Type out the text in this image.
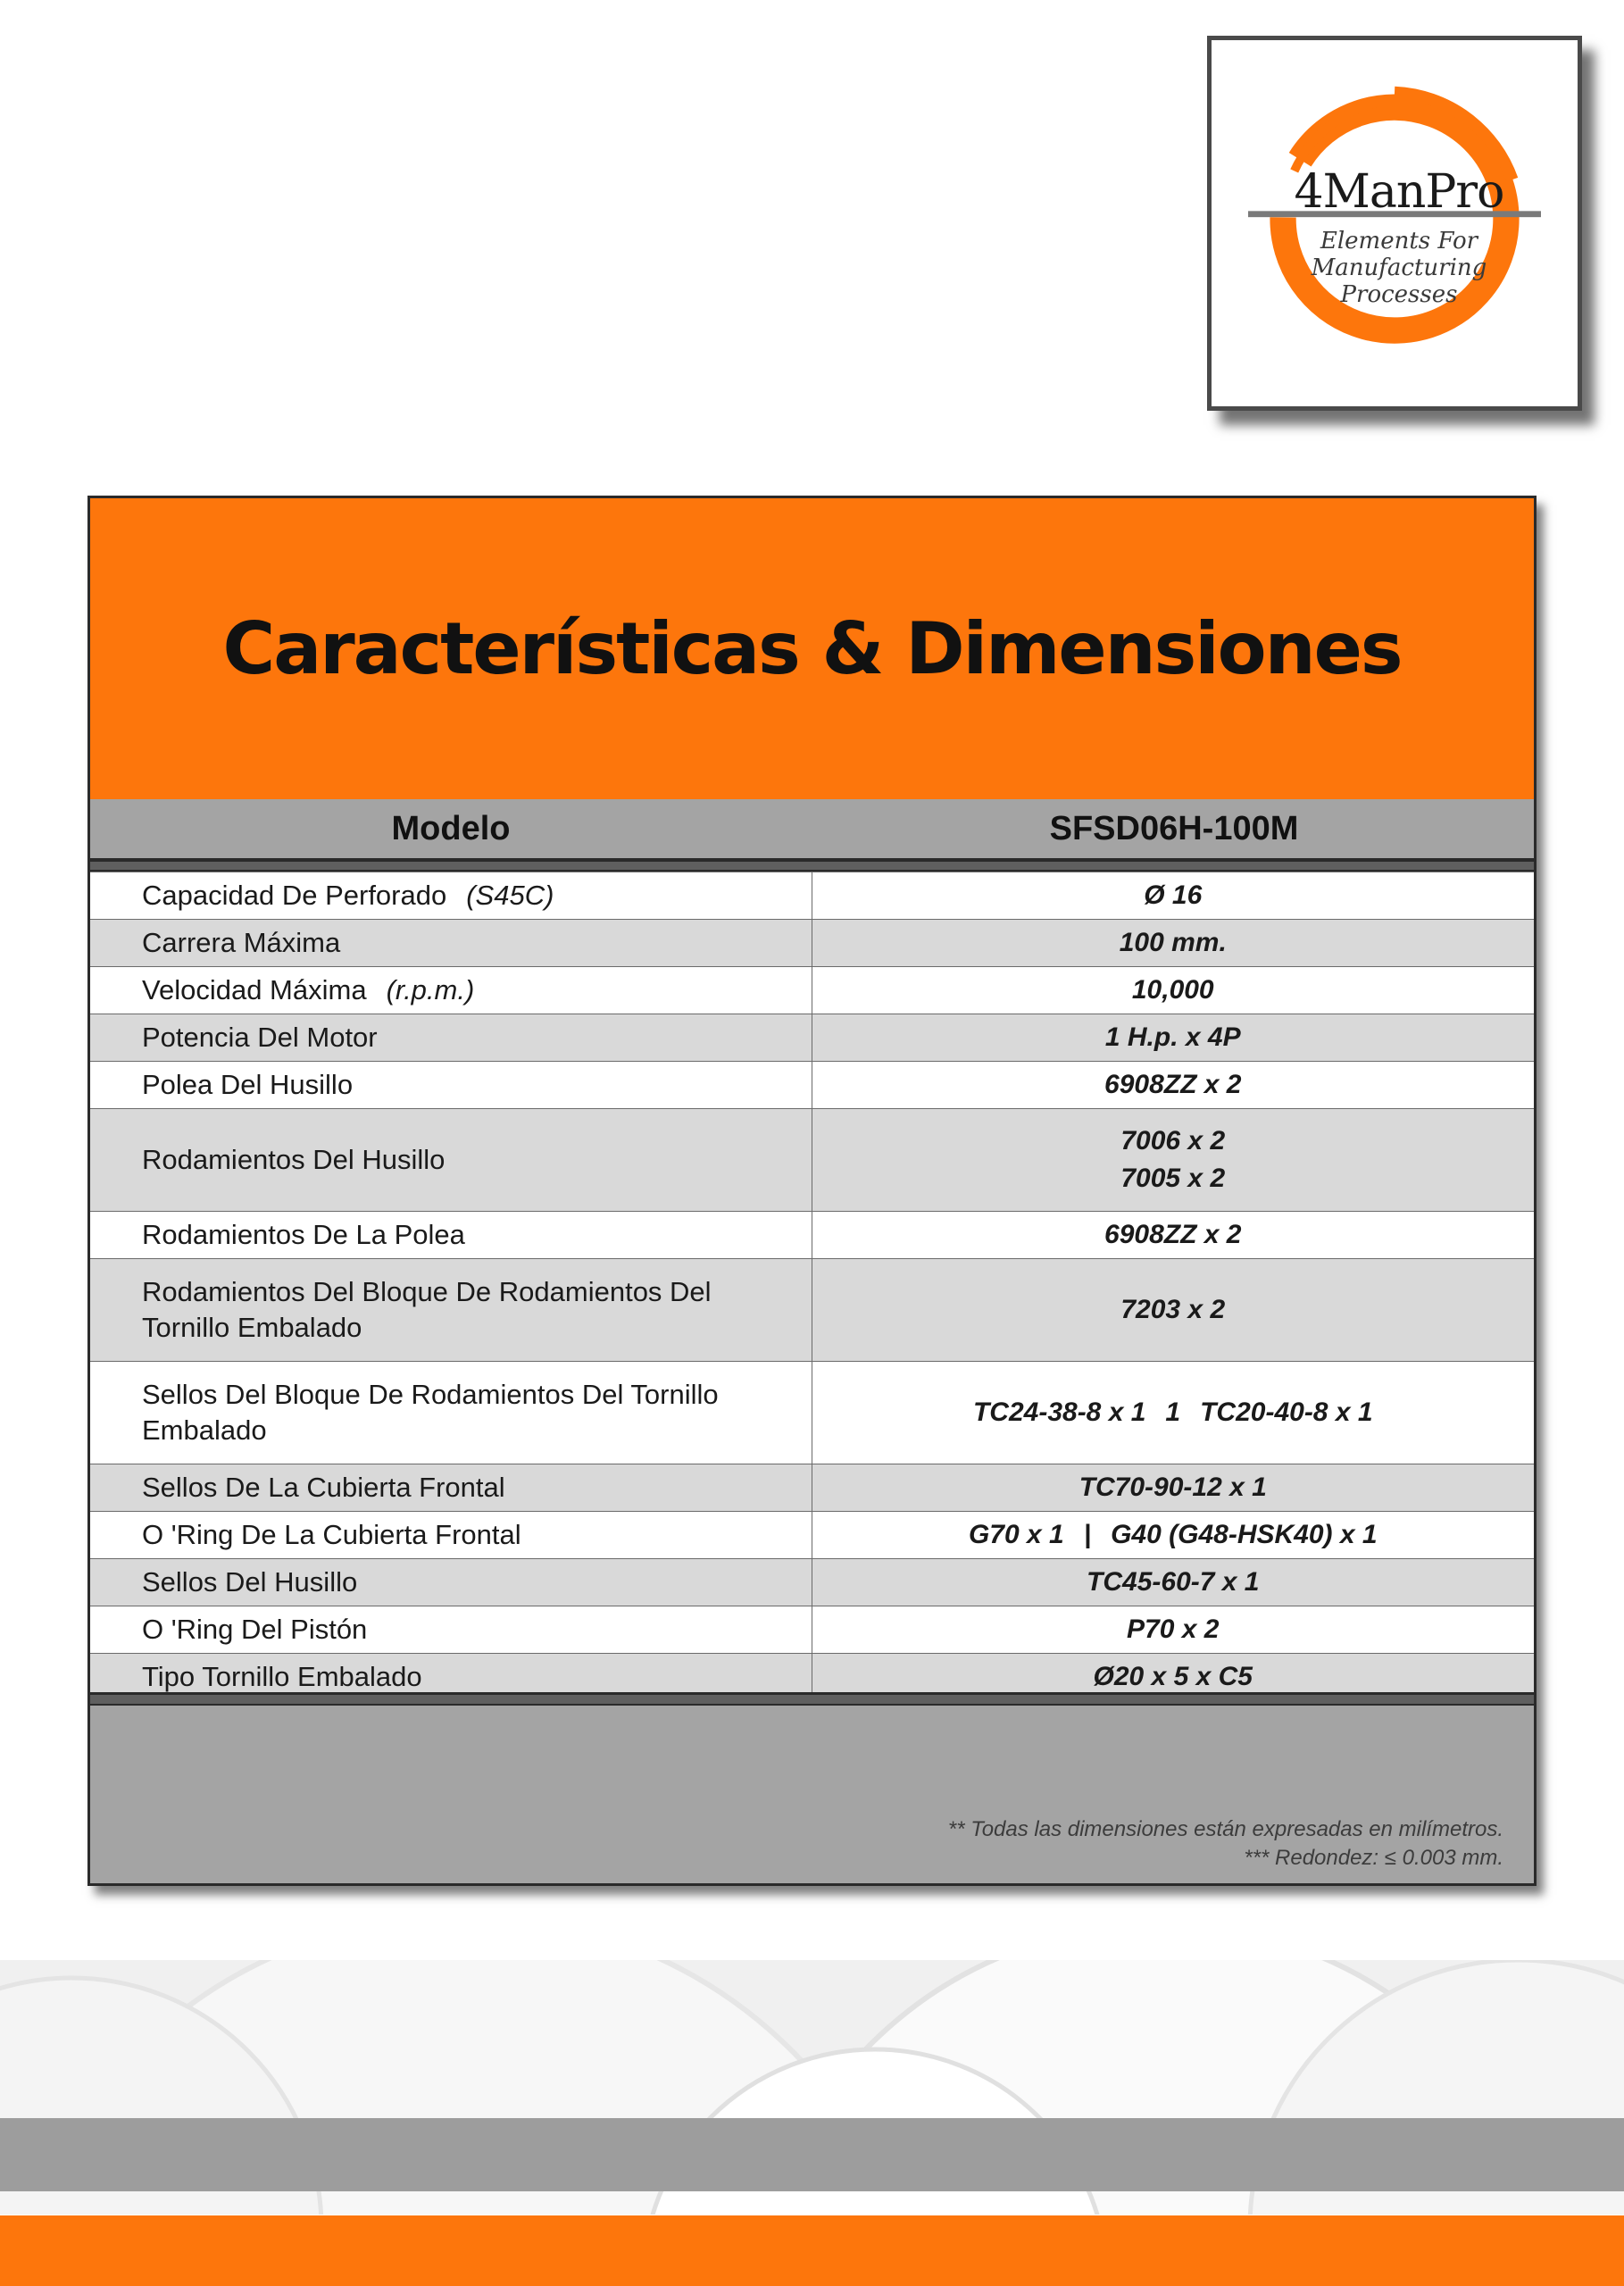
4ManPro
Elements For
Manufacturing Processes
Características & Dimensiones
Modelo	SFSD06H-100M
Capacidad De Perforado (S45C)	Ø 16
Carrera Máxima	100 mm.
Velocidad Máxima (r.p.m.)	10,000
Potencia Del Motor	1 H.p. x 4P
Polea Del Husillo	6908ZZ x 2
Rodamientos Del Husillo	7006 x 2
7005 x 2

Rodamientos De La Polea	6908ZZ x 2
Rodamientos Del Bloque De Rodamientos Del Tornillo Embalado	7203 x 2
Sellos Del Bloque De Rodamientos Del Tornillo Embalado	TC24-38-8 x 1 1 TC20-40-8 x 1
Sellos De La Cubierta Frontal	TC70-90-12 x 1
O 'Ring De La Cubierta Frontal	G70 x 1 | G40 (G48-HSK40) x 1
Sellos Del Husillo	TC45-60-7 x 1
O 'Ring Del Pistón	P70 x 2
Tipo Tornillo Embalado	Ø20 x 5 x C5
** Todas las dimensiones están expresadas en milímetros.
*** Redondez: ≤ 0.003 mm.
